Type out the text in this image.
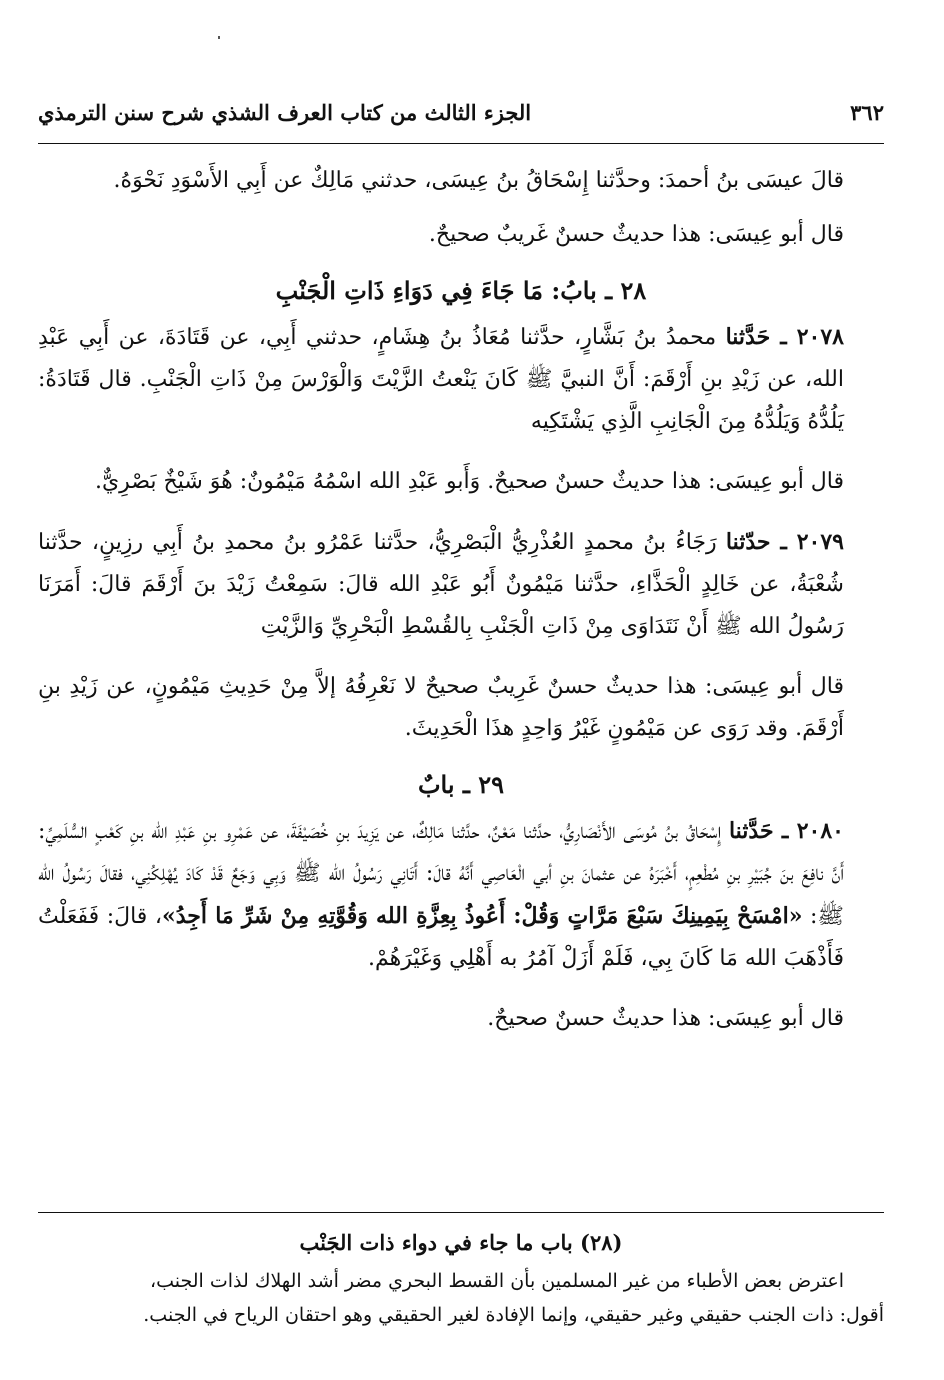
٣٦٢
الجزء الثالث من كتاب العرف الشذي شرح سنن الترمذي

قالَ عيسَى بنُ أحمدَ: وحدَّثنا إِسْحَاقُ بنُ عِيسَى، حدثني مَالِكٌ عن أَبِي الأَسْوَدِ نَحْوَهُ.

قال أبو عِيسَى: هذا حديثٌ حسنٌ غَريبٌ صحيحٌ.

٢٨ ـ بابُ: مَا جَاءَ فِي دَوَاءِ ذَاتِ الْجَنْبِ

٢٠٧٨ ـ حَدَّثنا محمدُ بنُ بَشَّارٍ، حدَّثنا مُعَاذُ بنُ هِشَامٍ، حدثني أَبِي، عن قَتَادَةَ، عن أَبِي عَبْدِ الله، عن زَيْدِ بنِ أَرْقَمَ: أَنَّ النبيَّ ﷺ كَانَ يَنْعتُ الزَّيْتَ وَالْوَرْسَ مِنْ ذَاتِ الْجَنْبِ. قال قَتَادَةُ: يَلُدُّهُ وَيَلُدُّهُ مِنَ الْجَانِبِ الَّذِي يَشْتَكِيه

قال أبو عِيسَى: هذا حديثٌ حسنٌ صحيحٌ. وَأَبو عَبْدِ الله اسْمُهُ مَيْمُونٌ: هُوَ شَيْخٌ بَصْرِيٌّ.

٢٠٧٩ ـ حدّثنا رَجَاءُ بنُ محمدٍ العُذْرِيُّ الْبَصْرِيُّ، حدَّثنا عَمْرُو بنُ محمدِ بنُ أَبِي رزِينٍ، حدَّثنا شُعْبَةُ، عن خَالِدٍ الْحَذَّاءِ، حدَّثنا مَيْمُونٌ أَبُو عَبْدِ الله قالَ: سَمِعْتُ زَيْدَ بنَ أَرْقَمَ قالَ: أَمَرَنَا رَسُولُ الله ﷺ أَنْ نَتَدَاوَى مِنْ ذَاتِ الْجَنْبِ بِالقُسْطِ الْبَحْرِيِّ وَالزَّيْتِ

قال أبو عِيسَى: هذا حديثٌ حسنٌ غَرِيبٌ صحيحٌ لا نَعْرِفُهُ إلاَّ مِنْ حَدِيثِ مَيْمُونٍ، عن زَيْدِ بنِ أَرْقَمَ. وقد رَوَى عن مَيْمُونٍ غَيْرُ وَاحِدٍ هذَا الْحَدِيثَ.

٢٩ ـ بابٌ

٢٠٨٠ ـ حَدَّثنا إِسْحَاقُ بنُ مُوسَى الأَنْصَارِيُّ، حدَّثنا مَعْنٌ، حدَّثنا مَالِكٌ، عن يَزِيدَ بنِ خُصَيْفَةَ، عن عَمْرِو بنِ عَبْدِ الله بنِ كَعْبٍ السُّلَمِيِّ: أَنَّ نافِعَ بنَ جُبَيْرِ بنِ مُطْعِمٍ، أَخْبَرَهُ عن عثمانَ بنِ أبي الْعَاصِي أَنَّهُ قالَ: أَتَانِي رَسُولُ الله ﷺ وَبِي وَجَعٌ قَدْ كَادَ يُهْلِكُنِي، فقالَ رَسُولُ الله ﷺ: «امْسَحْ بِيَمِينِكَ سَبْعَ مَرَّاتٍ وَقُلْ: أَعُوذُ بِعِزَّةِ الله وَقُوَّتِهِ مِنْ شَرِّ مَا أَجِدُ»، قالَ: فَفَعَلْتُ فَأَذْهَبَ الله مَا كَانَ بِي، فَلَمْ أَزَلْ آمُرُ به أَهْلِي وَغَيْرَهُمْ.

قال أبو عِيسَى: هذا حديثٌ حسنٌ صحيحٌ.

(٢٨) باب ما جاء في دواء ذات الجَنْب
اعترض بعض الأطباء من غير المسلمين بأن القسط البحري مضر أشد الهلاك لذات الجنب،
أقول: ذات الجنب حقيقي وغير حقيقي، وإنما الإفادة لغير الحقيقي وهو احتقان الرياح في الجنب.
